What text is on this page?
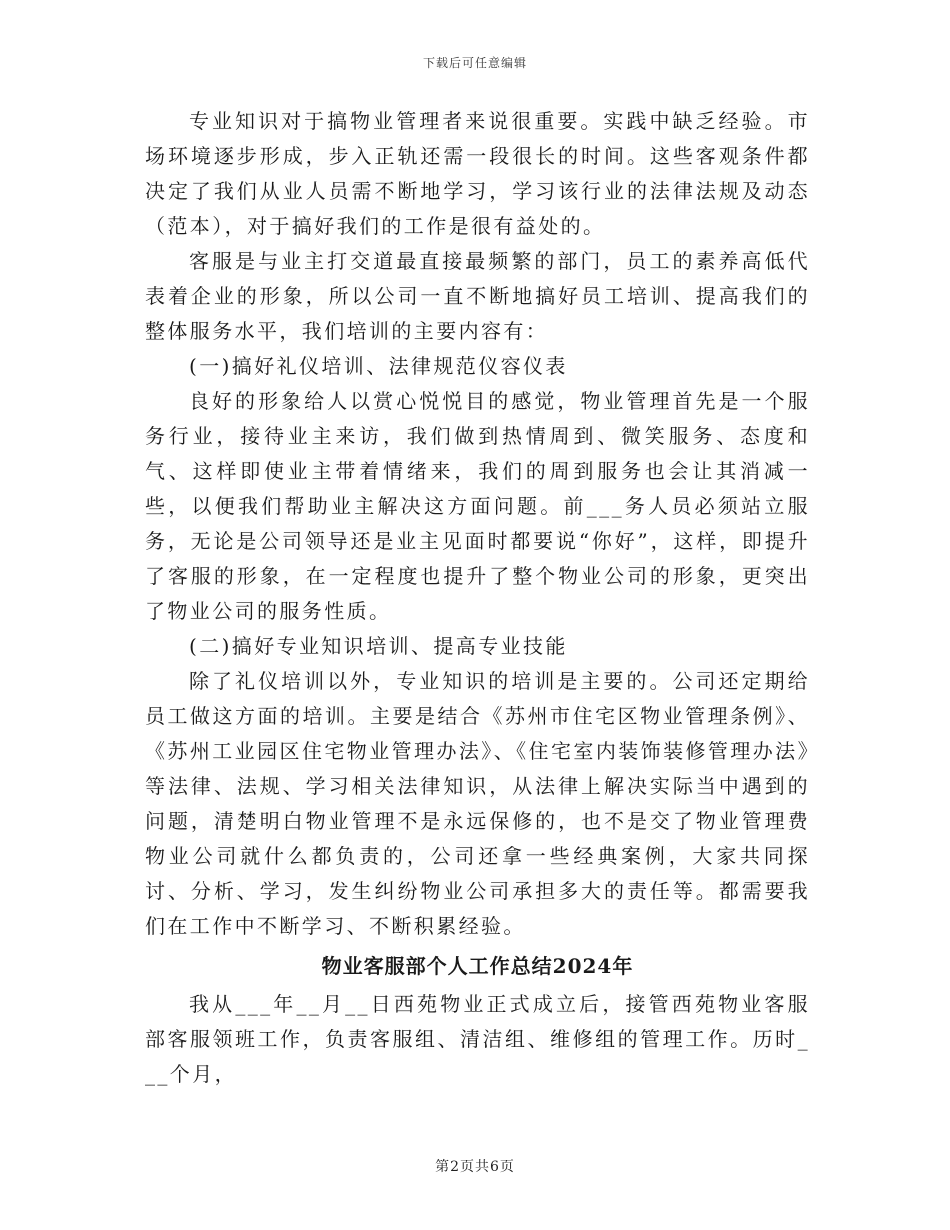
下载后可任意编辑

专业知识对于搞物业管理者来说很重要。实践中缺乏经验。市场环境逐步形成，步入正轨还需一段很长的时间。这些客观条件都决定了我们从业人员需不断地学习，学习该行业的法律法规及动态（范本），对于搞好我们的工作是很有益处的。

客服是与业主打交道最直接最频繁的部门，员工的素养高低代表着企业的形象，所以公司一直不断地搞好员工培训、提高我们的整体服务水平，我们培训的主要内容有：

(一)搞好礼仪培训、法律规范仪容仪表

良好的形象给人以赏心悦悦目的感觉，物业管理首先是一个服务行业，接待业主来访，我们做到热情周到、微笑服务、态度和气、这样即使业主带着情绪来，我们的周到服务也会让其消减一些，以便我们帮助业主解决这方面问题。前___务人员必须站立服务，无论是公司领导还是业主见面时都要说“你好”，这样，即提升了客服的形象，在一定程度也提升了整个物业公司的形象，更突出了物业公司的服务性质。

(二)搞好专业知识培训、提高专业技能

除了礼仪培训以外，专业知识的培训是主要的。公司还定期给员工做这方面的培训。主要是结合《苏州市住宅区物业管理条例》、《苏州工业园区住宅物业管理办法》、《住宅室内装饰装修管理办法》等法律、法规、学习相关法律知识，从法律上解决实际当中遇到的问题，清楚明白物业管理不是永远保修的，也不是交了物业管理费物业公司就什么都负责的，公司还拿一些经典案例，大家共同探讨、分析、学习，发生纠纷物业公司承担多大的责任等。都需要我们在工作中不断学习、不断积累经验。

物业客服部个人工作总结2024年

我从___年__月__日西苑物业正式成立后，接管西苑物业客服部客服领班工作，负责客服组、清洁组、维修组的管理工作。历时___个月，

第2页共6页
